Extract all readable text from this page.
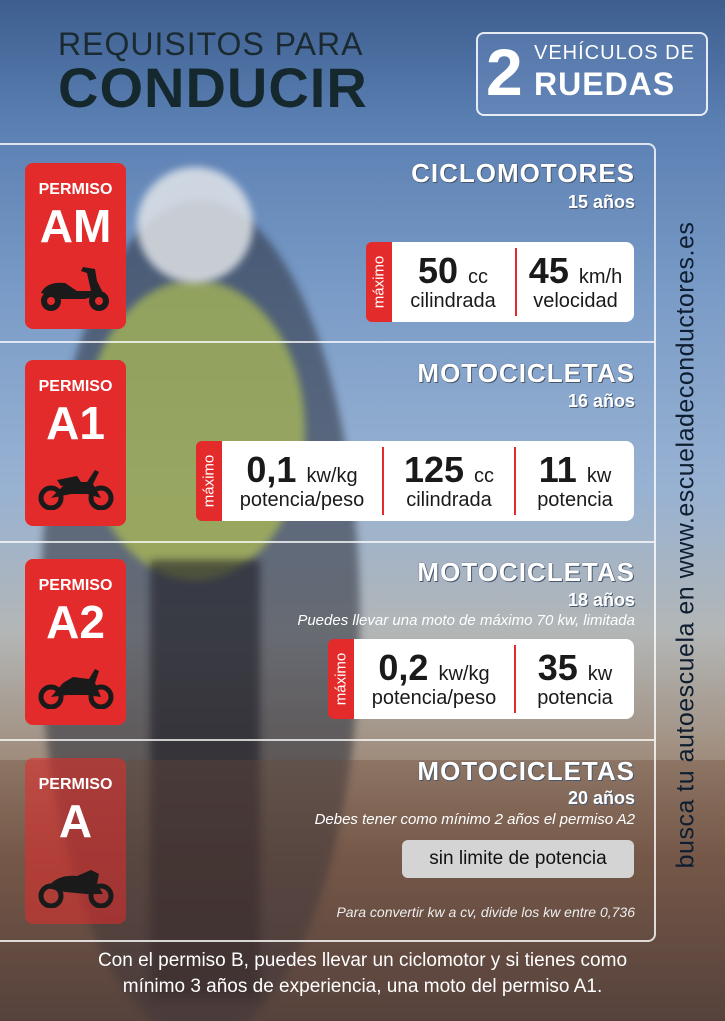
REQUISITOS PARA
CONDUCIR 2 VEHÍCULOS DE
RUEDAS
busca tu autoescuela en www.escueladeconductores.es
PERMISO
AM
CICLOMOTORES
15 años
máximo 50 cc
cilindrada
45 km/h
velocidad
PERMISO
A1
MOTOCICLETAS
16 años
máximo 0,1 kw/kg
potencia/peso
125 cc
cilindrada
11 kw
potencia
PERMISO
A2
MOTOCICLETAS
18 años
Puedes llevar una moto de máximo 70 kw, limitada
máximo 0,2 kw/kg
potencia/peso
35 kw
potencia
PERMISO
A
MOTOCICLETAS
20 años
Debes tener como mínimo 2 años el permiso A2
sin limite de potencia
Para convertir kw a cv, divide los kw entre 0,736
Con el permiso B, puedes llevar un ciclomotor y si tienes como
mínimo 3 años de experiencia, una moto del permiso A1.
